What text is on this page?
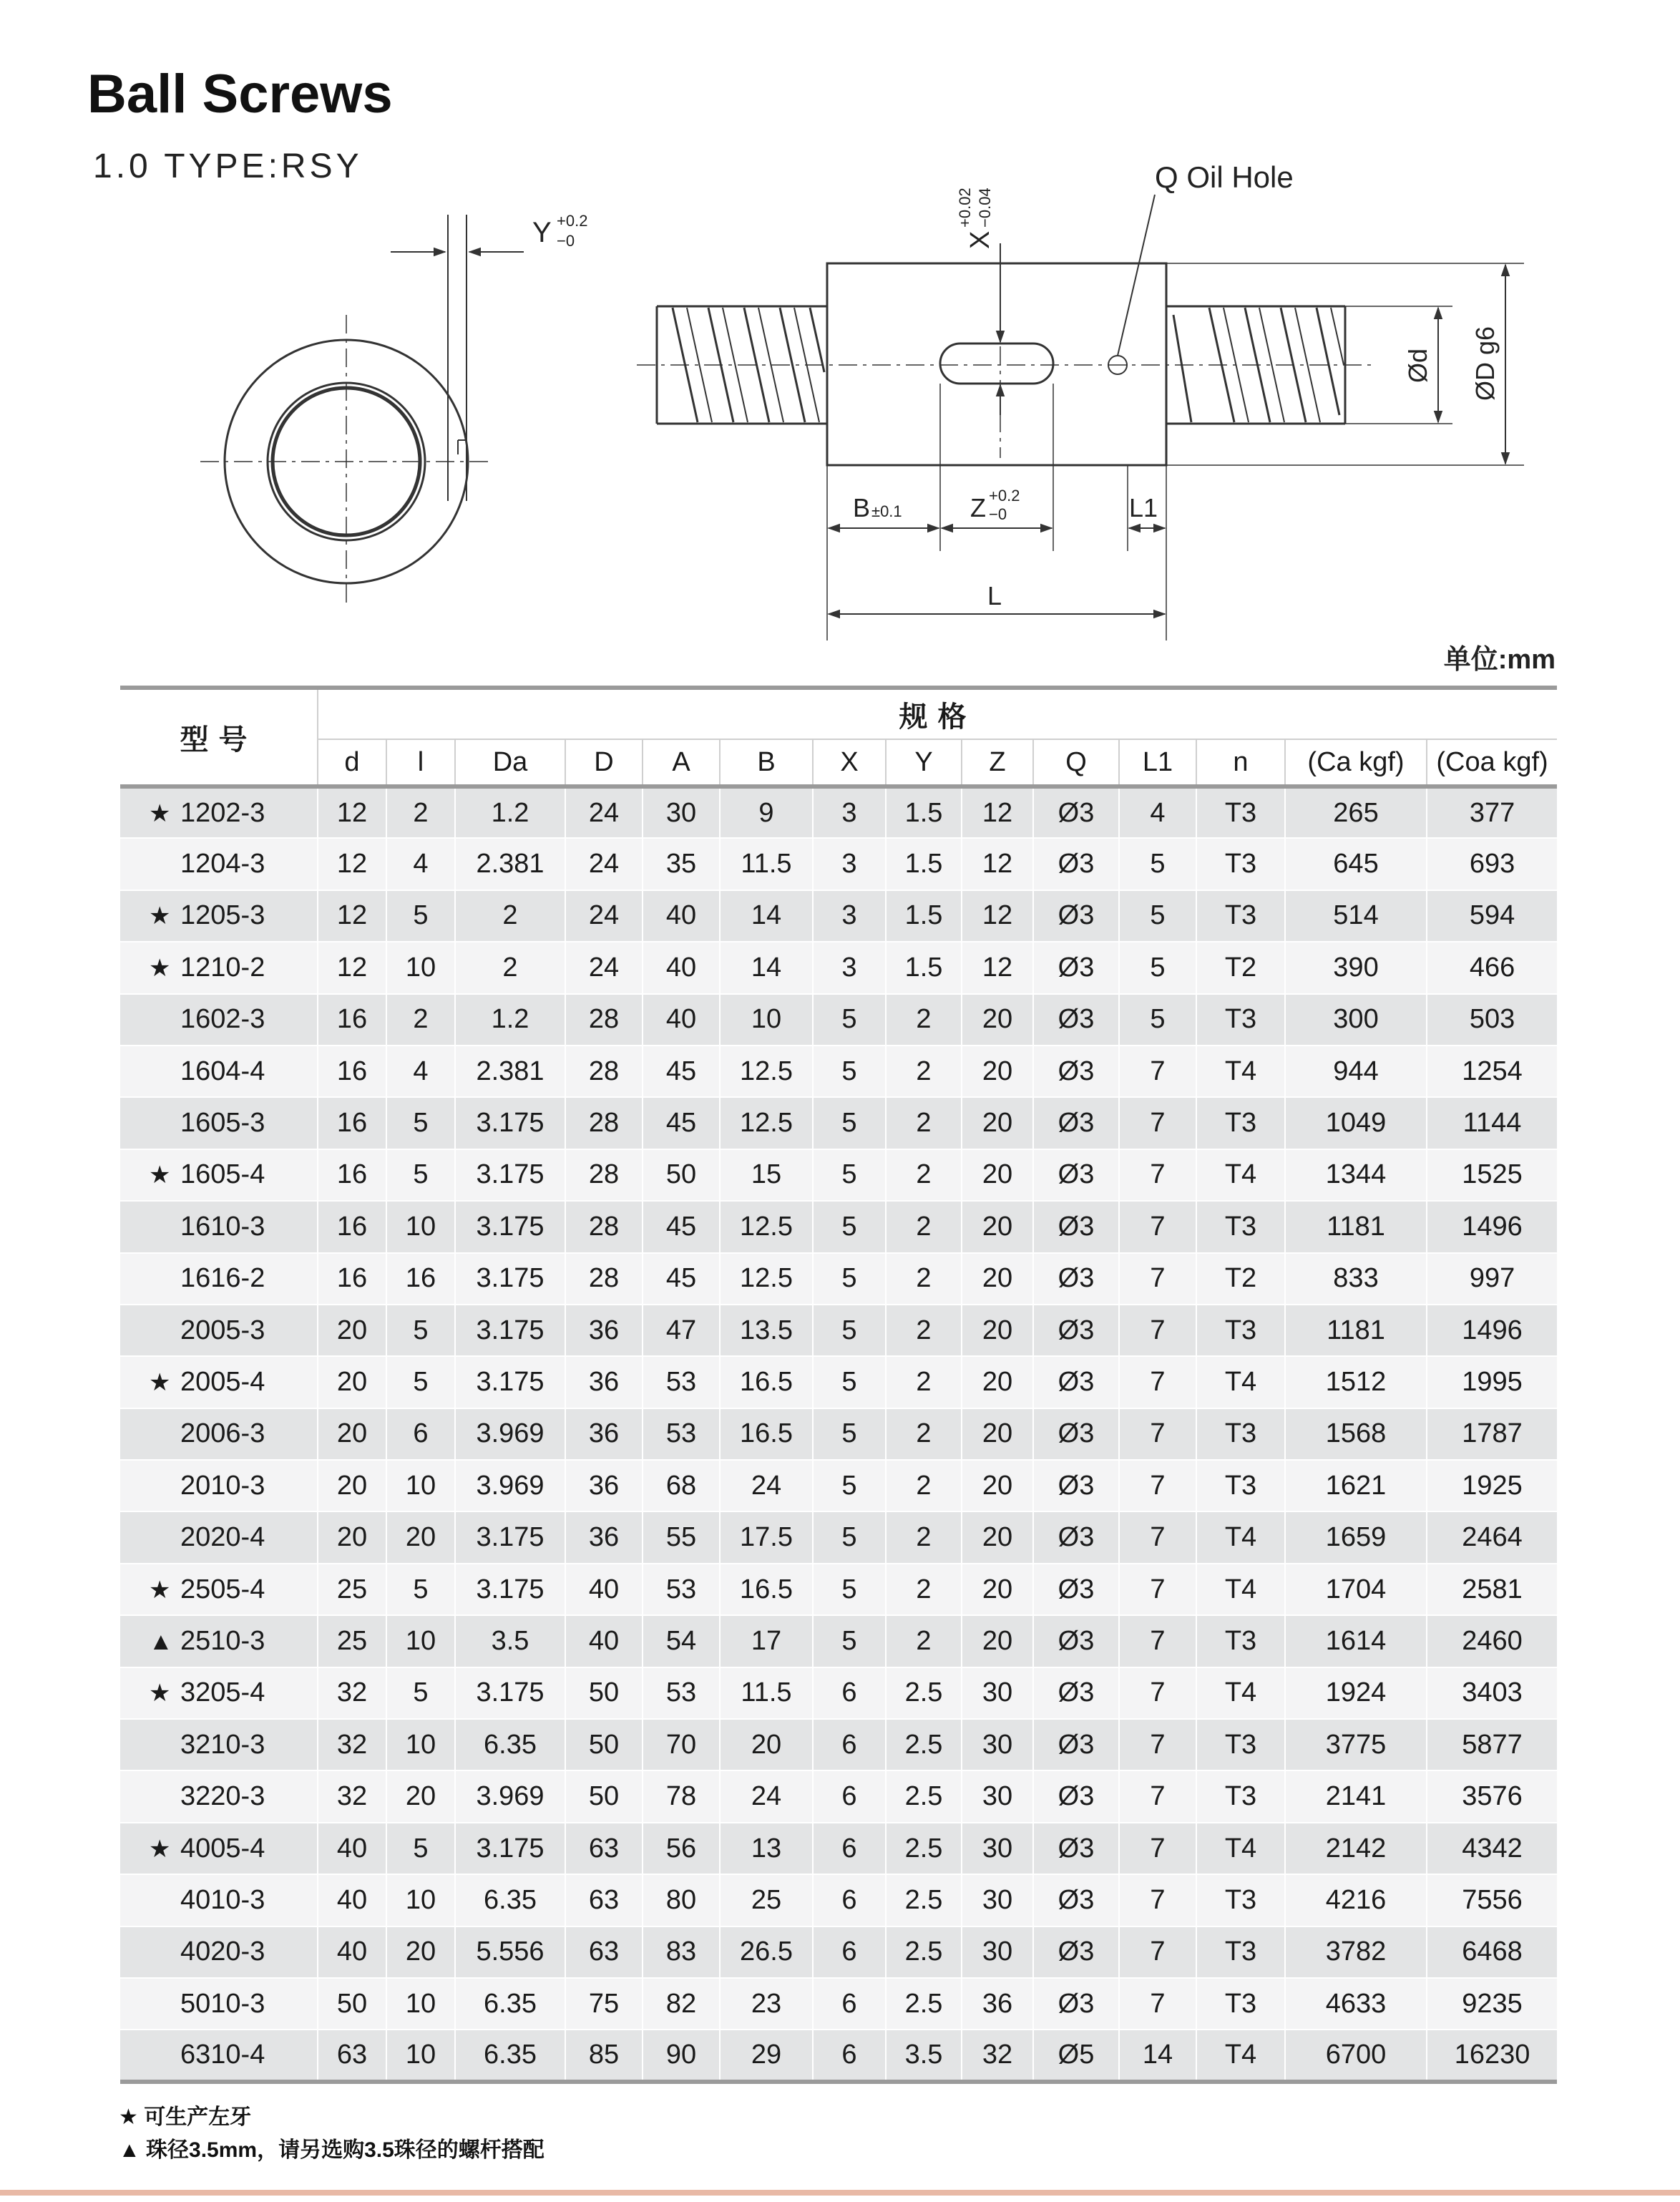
Ball Screws
1.0 TYPE:RSY
Y +0.2
−0	X
+0.02 −0.04
Q Oil Hole
Ød ØD g6
B ±0.1	Z +0.2
−0	L1
L
单位:mm
型号	规格													
	d	l	Da	D	A	B	X	Y	Z	Q	L1	n	(Ca kgf)	(Coa kgf)
★ 1202-3	12	2	1.2	24	30	9	3	1.5	12	Ø3	4	T3	265	377
1204-3	12	4	2.381	24	35	11.5	3	1.5	12	Ø3	5	T3	645	693
★ 1205-3	12	5	2	24	40	14	3	1.5	12	Ø3	5	T3	514	594
★ 1210-2	12	10	2	24	40	14	3	1.5	12	Ø3	5	T2	390	466
1602-3	16	2	1.2	28	40	10	5	2	20	Ø3	5	T3	300	503
1604-4	16	4	2.381	28	45	12.5	5	2	20	Ø3	7	T4	944	1254
1605-3	16	5	3.175	28	45	12.5	5	2	20	Ø3	7	T3	1049	1144
★ 1605-4	16	5	3.175	28	50	15	5	2	20	Ø3	7	T4	1344	1525
1610-3	16	10	3.175	28	45	12.5	5	2	20	Ø3	7	T3	1181	1496
1616-2	16	16	3.175	28	45	12.5	5	2	20	Ø3	7	T2	833	997
2005-3	20	5	3.175	36	47	13.5	5	2	20	Ø3	7	T3	1181	1496
★ 2005-4	20	5	3.175	36	53	16.5	5	2	20	Ø3	7	T4	1512	1995
2006-3	20	6	3.969	36	53	16.5	5	2	20	Ø3	7	T3	1568	1787
2010-3	20	10	3.969	36	68	24	5	2	20	Ø3	7	T3	1621	1925
2020-4	20	20	3.175	36	55	17.5	5	2	20	Ø3	7	T4	1659	2464
★ 2505-4	25	5	3.175	40	53	16.5	5	2	20	Ø3	7	T4	1704	2581
▲ 2510-3	25	10	3.5	40	54	17	5	2	20	Ø3	7	T3	1614	2460
★ 3205-4	32	5	3.175	50	53	11.5	6	2.5	30	Ø3	7	T4	1924	3403
3210-3	32	10	6.35	50	70	20	6	2.5	30	Ø3	7	T3	3775	5877
3220-3	32	20	3.969	50	78	24	6	2.5	30	Ø3	7	T3	2141	3576
★ 4005-4	40	5	3.175	63	56	13	6	2.5	30	Ø3	7	T4	2142	4342
4010-3	40	10	6.35	63	80	25	6	2.5	30	Ø3	7	T3	4216	7556
4020-3	40	20	5.556	63	83	26.5	6	2.5	30	Ø3	7	T3	3782	6468
5010-3	50	10	6.35	75	82	23	6	2.5	36	Ø3	7	T3	4633	9235
6310-4	63	10	6.35	85	90	29	6	3.5	32	Ø5	14	T4	6700	16230
★ 可生产左牙
▲ 珠径3.5mm，请另选购3.5珠径的螺杆搭配
